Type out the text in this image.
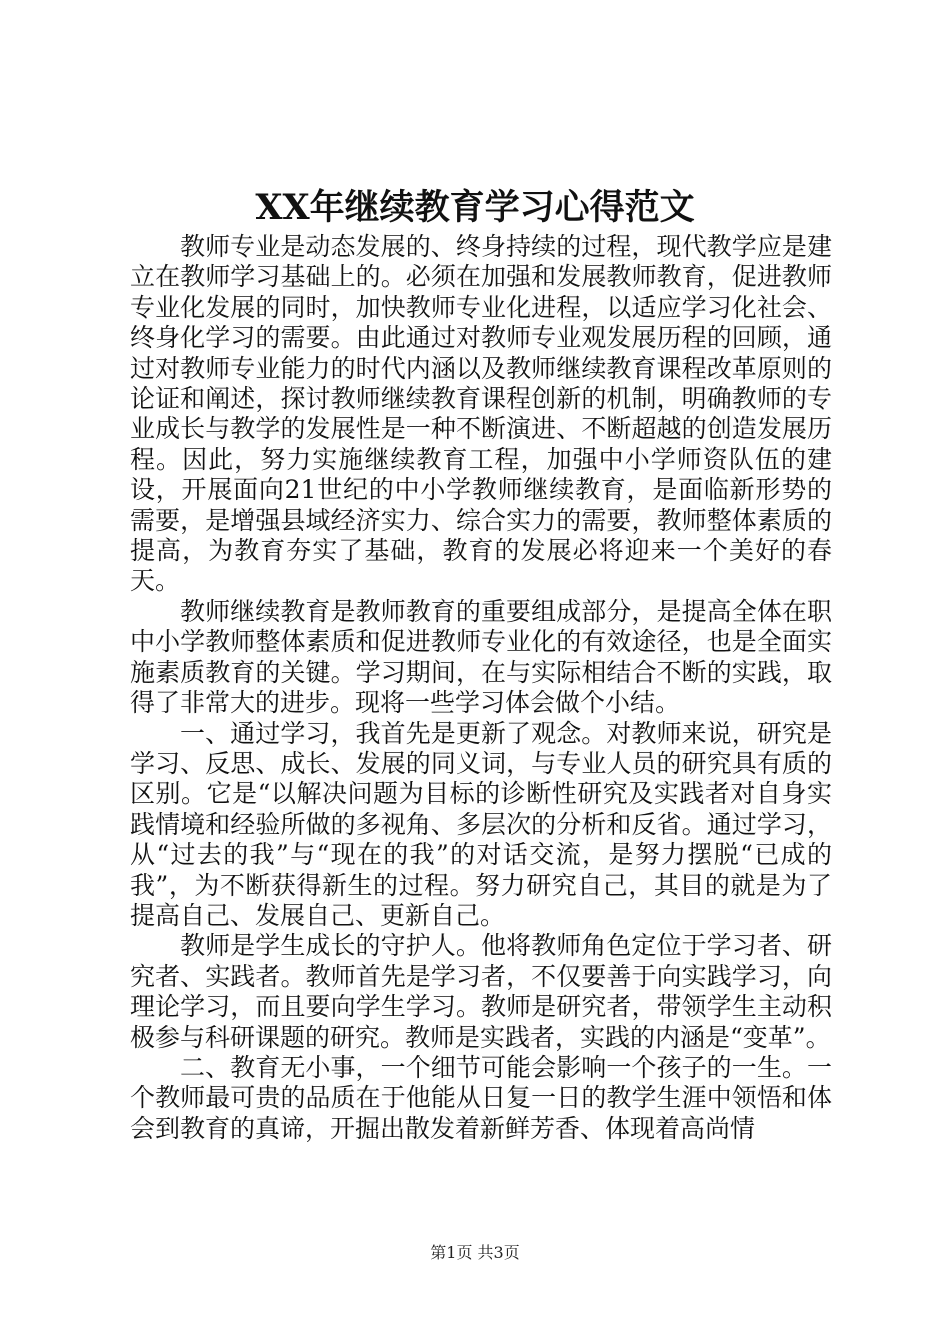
XX年继续教育学习心得范文

教师专业是动态发展的、终身持续的过程，现代教学应是建立在教师学习基础上的。必须在加强和发展教师教育，促进教师专业化发展的同时，加快教师专业化进程，以适应学习化社会、终身化学习的需要。由此通过对教师专业观发展历程的回顾，通过对教师专业能力的时代内涵以及教师继续教育课程改革原则的论证和阐述，探讨教师继续教育课程创新的机制，明确教师的专业成长与教学的发展性是一种不断演进、不断超越的创造发展历程。因此，努力实施继续教育工程，加强中小学师资队伍的建设，开展面向21世纪的中小学教师继续教育，是面临新形势的需要，是增强县域经济实力、综合实力的需要，教师整体素质的提高，为教育夯实了基础，教育的发展必将迎来一个美好的春天。

教师继续教育是教师教育的重要组成部分，是提高全体在职中小学教师整体素质和促进教师专业化的有效途径，也是全面实施素质教育的关键。学习期间，在与实际相结合不断的实践，取得了非常大的进步。现将一些学习体会做个小结。

一、通过学习，我首先是更新了观念。对教师来说，研究是学习、反思、成长、发展的同义词，与专业人员的研究具有质的区别。它是“以解决问题为目标的诊断性研究及实践者对自身实践情境和经验所做的多视角、多层次的分析和反省。通过学习，从“过去的我”与“现在的我”的对话交流，是努力摆脱“已成的我”，为不断获得新生的过程。努力研究自己，其目的就是为了提高自己、发展自己、更新自己。

教师是学生成长的守护人。他将教师角色定位于学习者、研究者、实践者。教师首先是学习者，不仅要善于向实践学习，向理论学习，而且要向学生学习。教师是研究者，带领学生主动积极参与科研课题的研究。教师是实践者，实践的内涵是“变革”。

二、教育无小事，一个细节可能会影响一个孩子的一生。一个教师最可贵的品质在于他能从日复一日的教学生涯中领悟和体会到教育的真谛，开掘出散发着新鲜芳香、体现着高尚情

第1页 共3页
